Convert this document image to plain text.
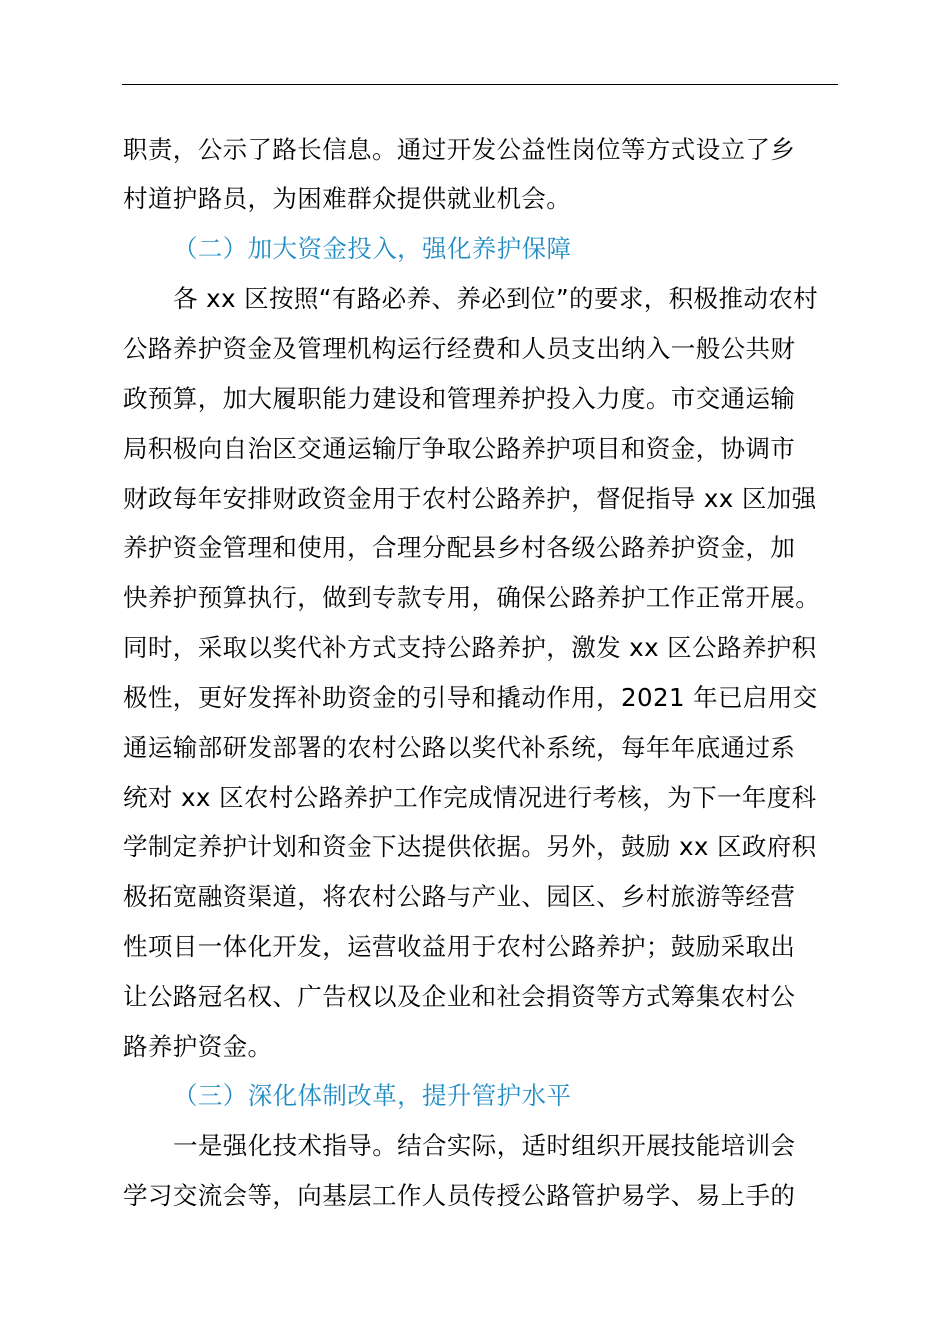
职责，公示了路长信息。通过开发公益性岗位等方式设立了乡
村道护路员，为困难群众提供就业机会。
（二）加大资金投入，强化养护保障
各 xx 区按照“有路必养、养必到位”的要求，积极推动农村
公路养护资金及管理机构运行经费和人员支出纳入一般公共财
政预算，加大履职能力建设和管理养护投入力度。市交通运输
局积极向自治区交通运输厅争取公路养护项目和资金，协调市
财政每年安排财政资金用于农村公路养护，督促指导 xx 区加强
养护资金管理和使用，合理分配县乡村各级公路养护资金，加
快养护预算执行，做到专款专用，确保公路养护工作正常开展。
同时，采取以奖代补方式支持公路养护，激发 xx 区公路养护积
极性，更好发挥补助资金的引导和撬动作用，2021 年已启用交
通运输部研发部署的农村公路以奖代补系统，每年年底通过系
统对 xx 区农村公路养护工作完成情况进行考核，为下一年度科
学制定养护计划和资金下达提供依据。另外，鼓励 xx 区政府积
极拓宽融资渠道，将农村公路与产业、园区、乡村旅游等经营
性项目一体化开发，运营收益用于农村公路养护；鼓励采取出
让公路冠名权、广告权以及企业和社会捐资等方式筹集农村公
路养护资金。
（三）深化体制改革，提升管护水平
一是强化技术指导。结合实际，适时组织开展技能培训会
学习交流会等，向基层工作人员传授公路管护易学、易上手的
